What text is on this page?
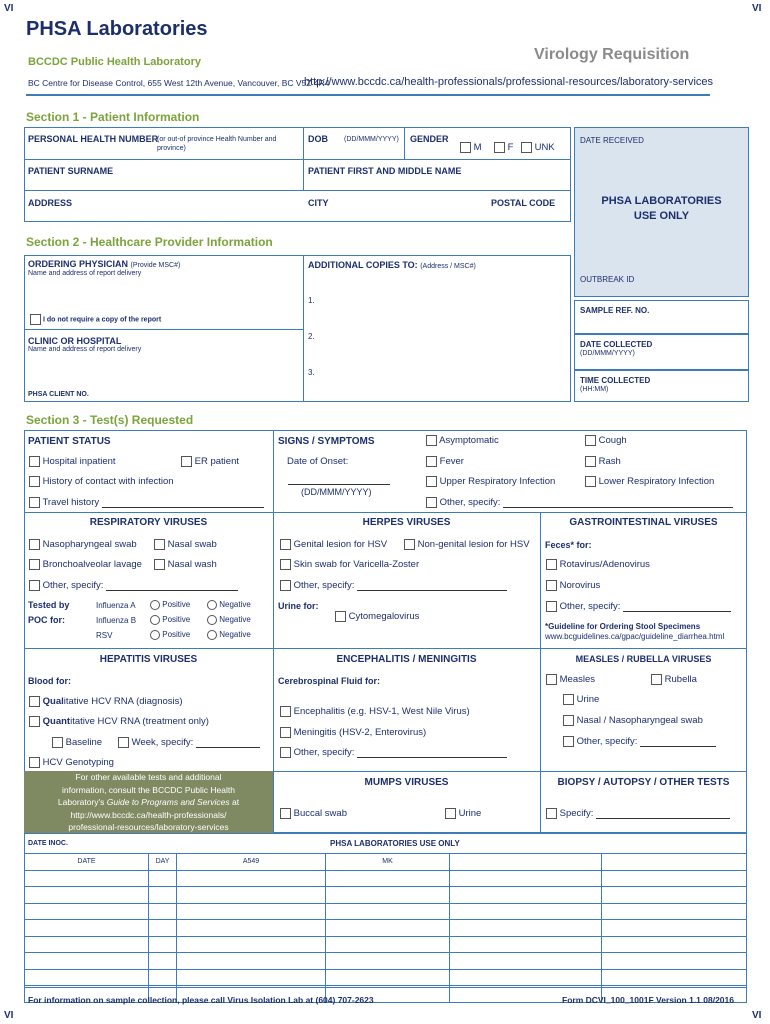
VI	VI
VI	VI
PHSA Laboratories
BCCDC Public Health Laboratory	Virology Requisition
BC Centre for Disease Control, 655 West 12th Avenue, Vancouver, BC V5Z 4R4
http://www.bccdc.ca/health-professionals/professional-resources/laboratory-services
Section 1 - Patient Information
PERSONAL HEALTH NUMBER
(or out-of province Health Number and province)
DOB (DD/MMM/YYYY) GENDER
M	F	UNK
PATIENT SURNAME	PATIENT FIRST AND MIDDLE NAME
ADDRESS	CITY	POSTAL CODE
DATE RECEIVED
PHSA LABORATORIES
USE ONLY
OUTBREAK ID
SAMPLE REF. NO.
DATE COLLECTED
(DD/MMM/YYYY)
TIME COLLECTED
(HH:MM)
Section 2 - Healthcare Provider Information
ORDERING PHYSICIAN (Provide MSC#)
Name and address of report delivery
I do not require a copy of the report
CLINIC OR HOSPITAL
Name and address of report delivery
PHSA CLIENT NO.
ADDITIONAL COPIES TO: (Address / MSC#)
1.
2.
3.
Section 3 - Test(s) Requested
PATIENT STATUS
Hospital inpatient	ER patient
History of contact with infection
Travel history
SIGNS / SYMPTOMS
Date of Onset:
(DD/MMM/YYYY)
Asymptomatic	Cough
Fever	Rash
Upper Respiratory Infection	Lower Respiratory Infection
Other, specify:
RESPIRATORY VIRUSES
Nasopharyngeal swab	Nasal swab
Bronchoalveolar lavage	Nasal wash
Other, specify:
Tested by
POC for:
Influenza A
Influenza B
RSV
Positive	Negative
Positive	Negative
Positive	Negative
HERPES VIRUSES
Genital lesion for HSV	Non-genital lesion for HSV
Skin swab for Varicella-Zoster
Other, specify:
Urine for:
Cytomegalovirus
GASTROINTESTINAL VIRUSES
Feces* for:
Rotavirus/Adenovirus
Norovirus
Other, specify:
*Guideline for Ordering Stool Specimens
www.bcguidelines.ca/gpac/guideline_diarrhea.html
HEPATITIS VIRUSES
Blood for:
Qualitative HCV RNA (diagnosis)
Quantitative HCV RNA (treatment only)
Baseline	Week, specify:
HCV Genotyping
For other available tests and additional
information, consult the BCCDC Public Health
Laboratory's Guide to Programs and Services at
http://www.bccdc.ca/health-professionals/
professional-resources/laboratory-services
ENCEPHALITIS / MENINGITIS
Cerebrospinal Fluid for:
Encephalitis (e.g. HSV-1, West Nile Virus)
Meningitis (HSV-2, Enterovirus)
Other, specify:
MEASLES / RUBELLA VIRUSES
Measles	Rubella
Urine
Nasal / Nasopharyngeal swab
Other, specify:
MUMPS VIRUSES
Buccal swab	Urine
BIOPSY / AUTOPSY / OTHER TESTS
Specify:
DATE INOC.	PHSA LABORATORIES USE ONLY
DATE	DAY	A549	MK		

For information on sample collection, please call Virus Isolation Lab at (604) 707-2623	Form DCVI_100_1001F Version 1.1 08/2016
